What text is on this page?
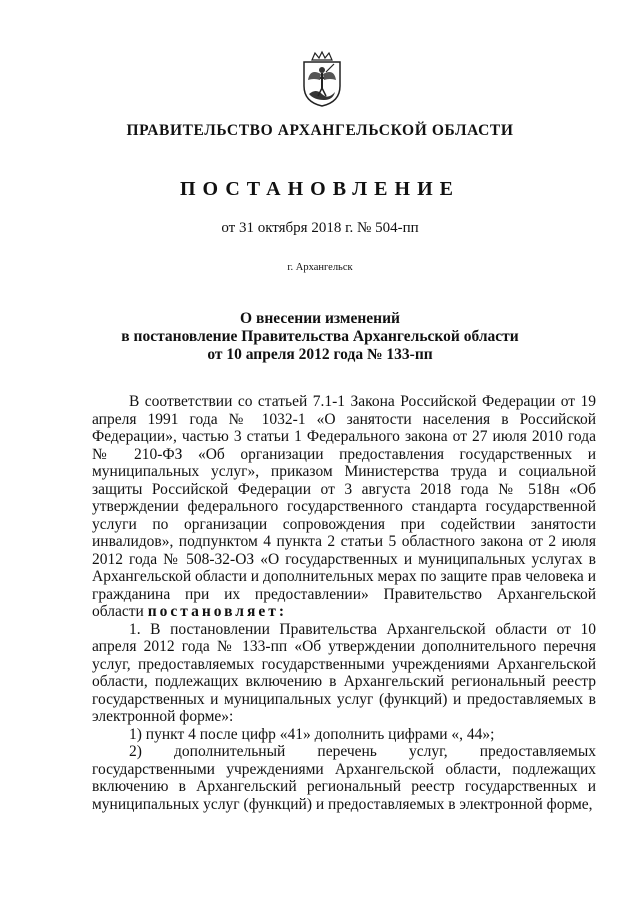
ПРАВИТЕЛЬСТВО АРХАНГЕЛЬСКОЙ ОБЛАСТИ
ПОСТАНОВЛЕНИЕ
от 31 октября 2018 г. № 504-пп
г. Архангельск
О внесении изменений
в постановление Правительства Архангельской области
от 10 апреля 2012 года № 133-пп

В соответствии со статьей 7.1-1 Закона Российской Федерации от 19 апреля 1991 года № 1032-1 «О занятости населения в Российской Федерации», частью 3 статьи 1 Федерального закона от 27 июля 2010 года № 210-ФЗ «Об организации предоставления государственных и муниципальных услуг», приказом Министерства труда и социальной защиты Российской Федерации от 3 августа 2018 года № 518н «Об утверждении федерального государственного стандарта государственной услуги по организации сопровождения при содействии занятости инвалидов», подпунктом 4 пункта 2 статьи 5 областного закона от 2 июля 2012 года № 508-32-ОЗ «О государственных и муниципальных услугах в Архангельской области и дополнительных мерах по защите прав человека и гражданина при их предоставлении» Правительство Архангельской области постановляет:

1. В постановлении Правительства Архангельской области от 10 апреля 2012 года № 133-пп «Об утверждении дополнительного перечня услуг, предоставляемых государственными учреждениями Архангельской области, подлежащих включению в Архангельский региональный реестр государственных и муниципальных услуг (функций) и предоставляемых в электронной форме»:

1) пункт 4 после цифр «41» дополнить цифрами «, 44»;

2) дополнительный перечень услуг, предоставляемых государственными учреждениями Архангельской области, подлежащих включению в Архангельский региональный реестр государственных и муниципальных услуг (функций) и предоставляемых в электронной форме,
